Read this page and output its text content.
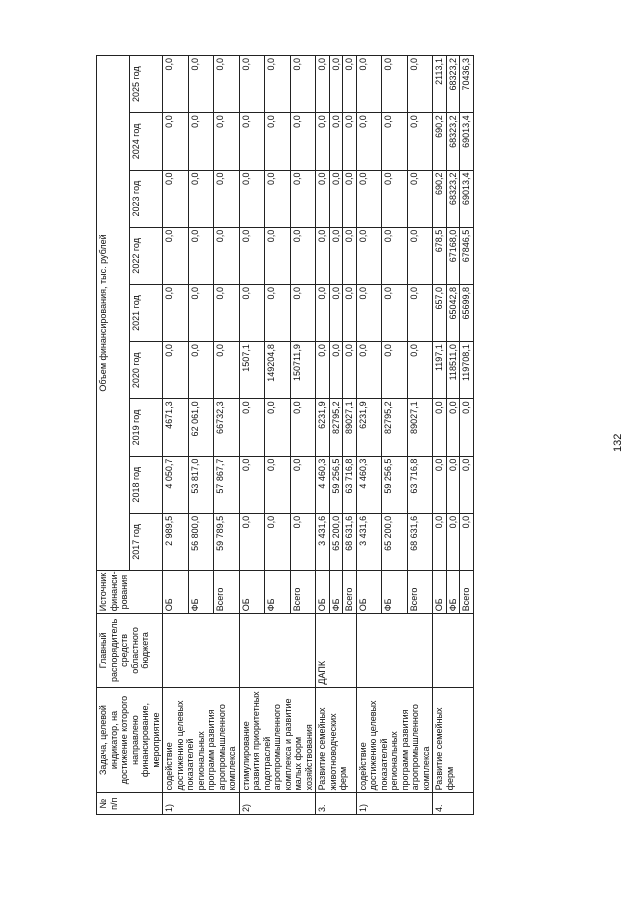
132
№ п/п	Задача, целевой индикатор, на достижение которого направлено финансирование, мероприятие	Главный распорядитель средств областного бюджета	Источник финанси-рования	Объем финансирования, тыс. рублей								
				2017 год	2018 год	2019 год	2020 год	2021 год	2022 год	2023 год	2024 год	2025 год
1)	содействие достижению целевых показателей региональных программ развития агропромышленного комплекса		ОБ	2 989,5	4 050,7	4671,3	0,0	0,0	0,0	0,0	0,0	0,0
			ФБ	56 800,0	53 817,0	62 061,0	0,0	0,0	0,0	0,0	0,0	0,0
			Всего	59 789,5	57 867,7	66732,3	0,0	0,0	0,0	0,0	0,0	0,0
2)	стимулирование развития приоритетных подотраслей агропромышленного комплекса и развитие малых форм хозяйствования		ОБ	0,0	0,0	0,0	1507,1	0,0	0,0	0,0	0,0	0,0
			ФБ	0,0	0,0	0,0	149204,8	0,0	0,0	0,0	0,0	0,0
			Всего	0,0	0,0	0,0	150711,9	0,0	0,0	0,0	0,0	0,0
3.	Развитие семейных животноводческих ферм	ДАПК	ОБ	3 431,6	4 460,3	6231,9	0,0	0,0	0,0	0,0	0,0	0,0
			ФБ	65 200,0	59 256,5	82795,2	0,0	0,0	0,0	0,0	0,0	0,0
			Всего	68 631,6	63 716,8	89027,1	0,0	0,0	0,0	0,0	0,0	0,0
1)	содействие достижению целевых показателей региональных программ развития агропромышленного комплекса		ОБ	3 431,6	4 460,3	6231,9	0,0	0,0	0,0	0,0	0,0	0,0
			ФБ	65 200,0	59 256,5	82795,2	0,0	0,0	0,0	0,0	0,0	0,0
			Всего	68 631,6	63 716,8	89027,1	0,0	0,0	0,0	0,0	0,0	0,0
4.	Развитие семейных ферм		ОБ	0,0	0,0	0,0	1197,1	657,0	678,5	690,2	690,2	2113,1
			ФБ	0,0	0,0	0,0	118511,0	65042,8	67168,0	68323,2	68323,2	68323,2
			Всего	0,0	0,0	0,0	119708,1	65699,8	67846,5	69013,4	69013,4	70436,3
